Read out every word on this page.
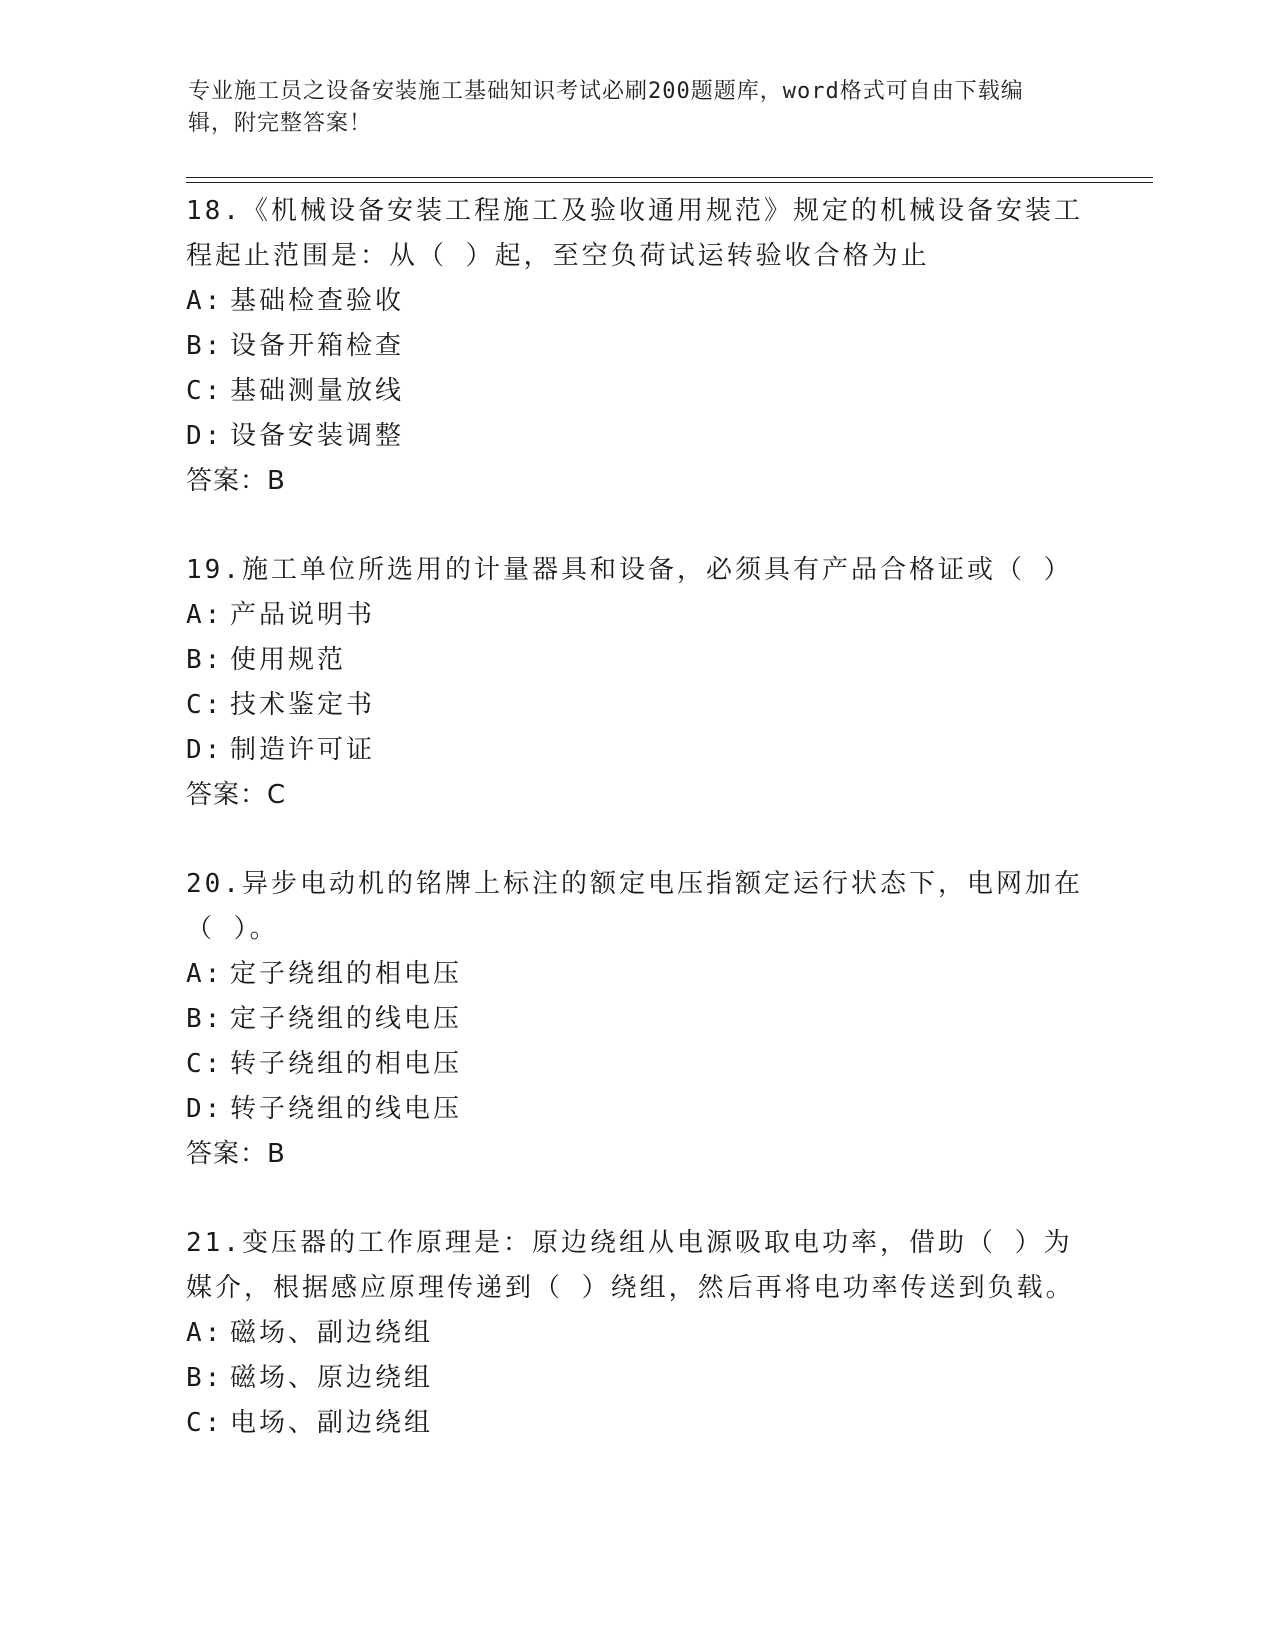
专业施工员之设备安装施工基础知识考试必刷200题题库，word格式可自由下载编辑，附完整答案！
18.《机械设备安装工程施工及验收通用规范》规定的机械设备安装工程起止范围是：从（ ）起，至空负荷试运转验收合格为止
A: 基础检查验收
B: 设备开箱检查
C: 基础测量放线
D: 设备安装调整
答案：B
19.施工单位所选用的计量器具和设备，必须具有产品合格证或（ ）
A: 产品说明书
B: 使用规范
C: 技术鉴定书
D: 制造许可证
答案：C
20.异步电动机的铭牌上标注的额定电压指额定运行状态下，电网加在（ ）。
A: 定子绕组的相电压
B: 定子绕组的线电压
C: 转子绕组的相电压
D: 转子绕组的线电压
答案：B
21.变压器的工作原理是：原边绕组从电源吸取电功率，借助（ ）为媒介，根据感应原理传递到（ ）绕组，然后再将电功率传送到负载。
A: 磁场、副边绕组
B: 磁场、原边绕组
C: 电场、副边绕组
